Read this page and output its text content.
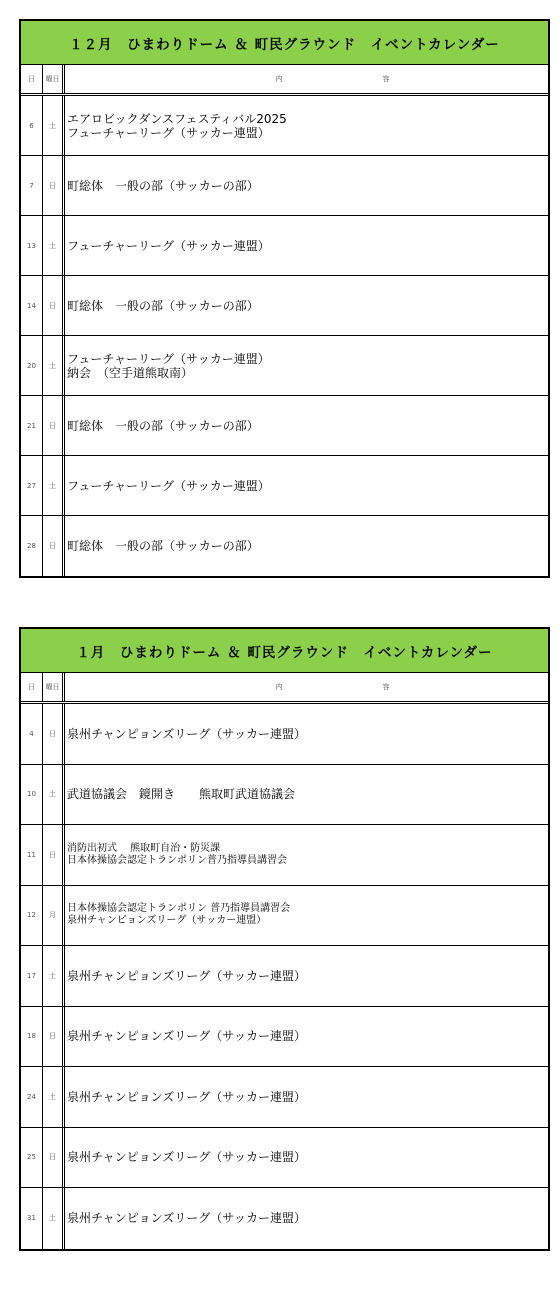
１２月　ひまわりドーム ＆ 町民グラウンド　イベントカレンダー
日	曜日	内	容
6	土 エアロビックダンスフェスティバル2025
フューチャーリーグ（サッカー連盟）
7	日 町総体　一般の部（サッカーの部）
13	土 フューチャーリーグ（サッカー連盟）
14	日 町総体　一般の部（サッカーの部）
20	土 フューチャーリーグ（サッカー連盟）
納会　（空手道熊取南）
21	日 町総体　一般の部（サッカーの部）
27	土 フューチャーリーグ（サッカー連盟）
28	日 町総体　一般の部（サッカーの部）
１月　ひまわりドーム ＆ 町民グラウンド　イベントカレンダー
日	曜日	内	容
4	日 泉州チャンピョンズリーグ（サッカー連盟）
10	土 武道協議会　鏡開き　　熊取町武道協議会
11	日
消防出初式　 熊取町自治・防災課
日本体操協会認定トランポリン普乃指導員講習会
12	月
日本体操協会認定トランポリン 普乃指導員講習会
泉州チャンピョンズリーグ（サッカー連盟）
17	土 泉州チャンピョンズリーグ（サッカー連盟）
18	日 泉州チャンピョンズリーグ（サッカー連盟）
24	土 泉州チャンピョンズリーグ（サッカー連盟）
25	日 泉州チャンピョンズリーグ（サッカー連盟）
31	土 泉州チャンピョンズリーグ（サッカー連盟）
